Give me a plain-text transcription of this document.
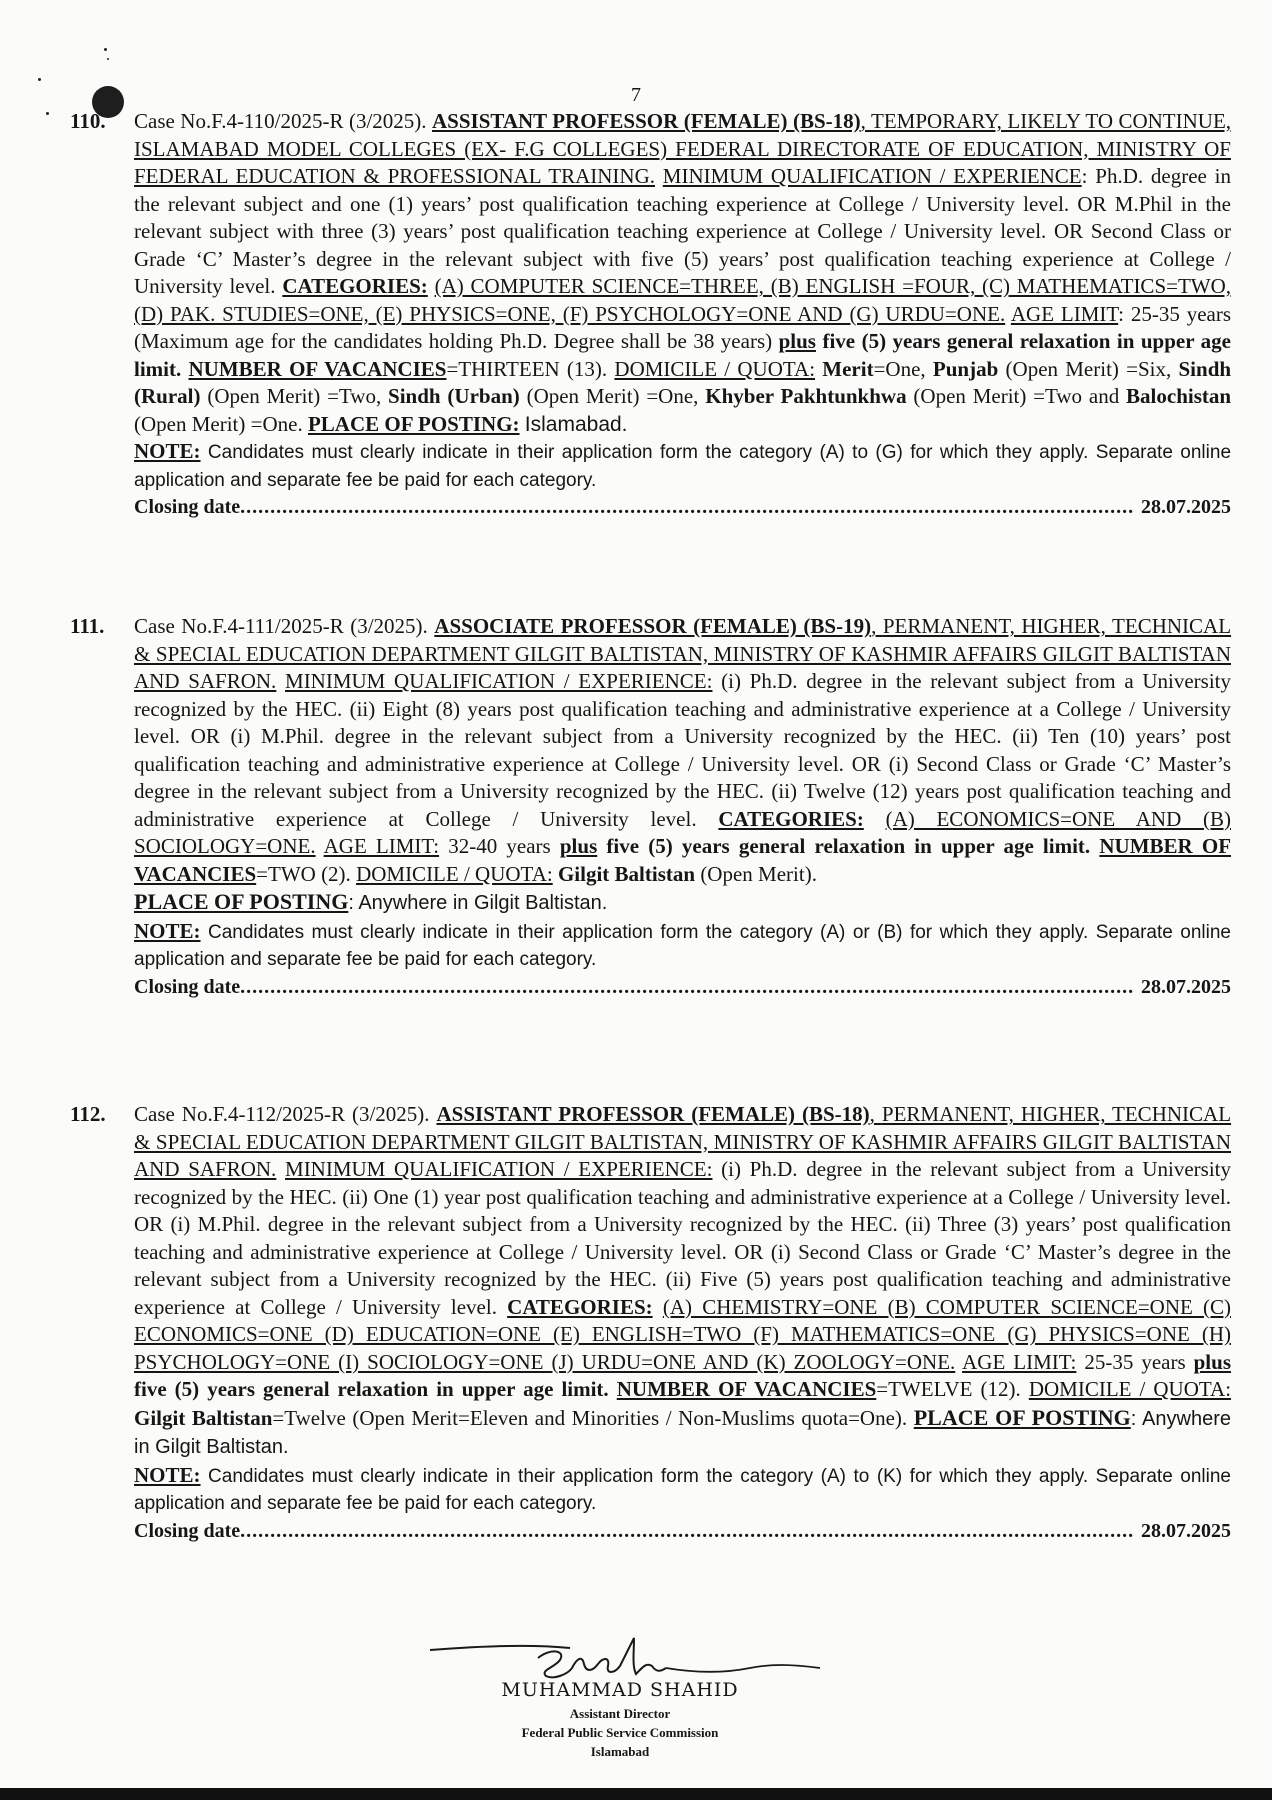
7
110.	Case No.F.4-110/2025-R (3/2025). ASSISTANT PROFESSOR (FEMALE) (BS-18), TEMPORARY, LIKELY TO CONTINUE, ISLAMABAD MODEL COLLEGES (EX- F.G COLLEGES) FEDERAL DIRECTORATE OF EDUCATION, MINISTRY OF FEDERAL EDUCATION & PROFESSIONAL TRAINING. MINIMUM QUALIFICATION / EXPERIENCE: Ph.D. degree in the relevant subject and one (1) years’ post qualification teaching experience at College / University level. OR M.Phil in the relevant subject with three (3) years’ post qualification teaching experience at College / University level. OR Second Class or Grade ‘C’ Master’s degree in the relevant subject with five (5) years’ post qualification teaching experience at College / University level. CATEGORIES: (A) COMPUTER SCIENCE=THREE, (B) ENGLISH =FOUR, (C) MATHEMATICS=TWO, (D) PAK. STUDIES=ONE, (E) PHYSICS=ONE, (F) PSYCHOLOGY=ONE AND (G) URDU=ONE. AGE LIMIT: 25-35 years (Maximum age for the candidates holding Ph.D. Degree shall be 38 years) plus five (5) years general relaxation in upper age limit. NUMBER OF VACANCIES=THIRTEEN (13). DOMICILE / QUOTA: Merit=One, Punjab (Open Merit) =Six, Sindh (Rural) (Open Merit) =Two, Sindh (Urban) (Open Merit) =One, Khyber Pakhtunkhwa (Open Merit) =Two and Balochistan (Open Merit) =One. PLACE OF POSTING: Islamabad.

NOTE: Candidates must clearly indicate in their application form the category (A) to (G) for which they apply. Separate online application and separate fee be paid for each category.

Closing date .....	28.07.2025
111.	Case No.F.4-111/2025-R (3/2025). ASSOCIATE PROFESSOR (FEMALE) (BS-19), PERMANENT, HIGHER, TECHNICAL & SPECIAL EDUCATION DEPARTMENT GILGIT BALTISTAN, MINISTRY OF KASHMIR AFFAIRS GILGIT BALTISTAN AND SAFRON. MINIMUM QUALIFICATION / EXPERIENCE: (i) Ph.D. degree in the relevant subject from a University recognized by the HEC. (ii) Eight (8) years post qualification teaching and administrative experience at a College / University level. OR (i) M.Phil. degree in the relevant subject from a University recognized by the HEC. (ii) Ten (10) years’ post qualification teaching and administrative experience at College / University level. OR (i) Second Class or Grade ‘C’ Master’s degree in the relevant subject from a University recognized by the HEC. (ii) Twelve (12) years post qualification teaching and administrative experience at College / University level. CATEGORIES: (A) ECONOMICS=ONE AND (B) SOCIOLOGY=ONE. AGE LIMIT: 32-40 years plus five (5) years general relaxation in upper age limit. NUMBER OF VACANCIES=TWO (2). DOMICILE / QUOTA: Gilgit Baltistan (Open Merit).

PLACE OF POSTING: Anywhere in Gilgit Baltistan.

NOTE: Candidates must clearly indicate in their application form the category (A) or (B) for which they apply. Separate online application and separate fee be paid for each category.

Closing date .....	28.07.2025
112.	Case No.F.4-112/2025-R (3/2025). ASSISTANT PROFESSOR (FEMALE) (BS-18), PERMANENT, HIGHER, TECHNICAL & SPECIAL EDUCATION DEPARTMENT GILGIT BALTISTAN, MINISTRY OF KASHMIR AFFAIRS GILGIT BALTISTAN AND SAFRON. MINIMUM QUALIFICATION / EXPERIENCE: (i) Ph.D. degree in the relevant subject from a University recognized by the HEC. (ii) One (1) year post qualification teaching and administrative experience at a College / University level. OR (i) M.Phil. degree in the relevant subject from a University recognized by the HEC. (ii) Three (3) years’ post qualification teaching and administrative experience at College / University level. OR (i) Second Class or Grade ‘C’ Master’s degree in the relevant subject from a University recognized by the HEC. (ii) Five (5) years post qualification teaching and administrative experience at College / University level. CATEGORIES: (A) CHEMISTRY=ONE (B) COMPUTER SCIENCE=ONE (C) ECONOMICS=ONE (D) EDUCATION=ONE (E) ENGLISH=TWO (F) MATHEMATICS=ONE (G) PHYSICS=ONE (H) PSYCHOLOGY=ONE (I) SOCIOLOGY=ONE (J) URDU=ONE AND (K) ZOOLOGY=ONE. AGE LIMIT: 25-35 years plus five (5) years general relaxation in upper age limit. NUMBER OF VACANCIES=TWELVE (12). DOMICILE / QUOTA: Gilgit Baltistan=Twelve (Open Merit=Eleven and Minorities / Non-Muslims quota=One). PLACE OF POSTING: Anywhere in Gilgit Baltistan.

NOTE: Candidates must clearly indicate in their application form the category (A) to (K) for which they apply. Separate online application and separate fee be paid for each category.

Closing date .....	28.07.2025
MUHAMMAD SHAHID
Assistant Director
Federal Public Service Commission
Islamabad
